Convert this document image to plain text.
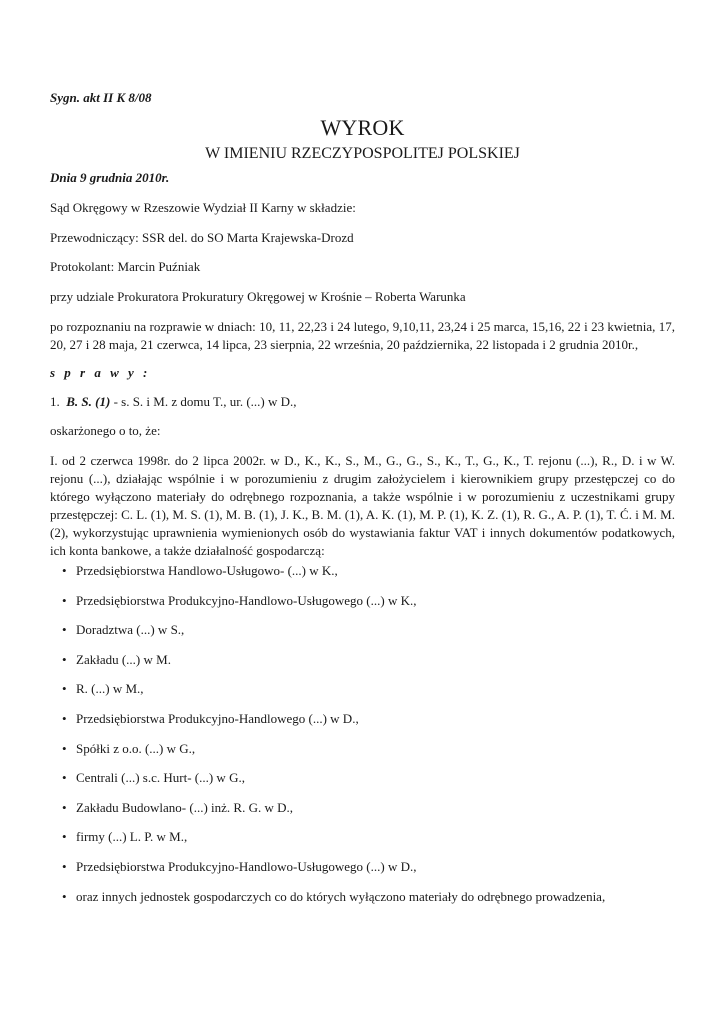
Sygn. akt II K 8/08
WYROK
W IMIENIU RZECZYPOSPOLITEJ POLSKIEJ
Dnia 9 grudnia 2010r.
Sąd Okręgowy w Rzeszowie Wydział II Karny w składzie:
Przewodniczący: SSR del. do SO Marta Krajewska-Drozd
Protokolant: Marcin Puźniak
przy udziale Prokuratora Prokuratury Okręgowej w Krośnie – Roberta Warunka
po rozpoznaniu na rozprawie w dniach: 10, 11, 22,23 i 24 lutego, 9,10,11, 23,24 i 25 marca, 15,16, 22 i 23 kwietnia, 17, 20, 27 i 28 maja, 21 czerwca, 14 lipca, 23 sierpnia, 22 września, 20 października, 22 listopada i 2 grudnia 2010r.,
s p r a w y :
1. B. S. (1) - s. S. i M. z domu T., ur. (...) w D.,
oskarżonego o to, że:
I. od 2 czerwca 1998r. do 2 lipca 2002r. w D., K., K., S., M., G., G., S., K., T., G., K., T. rejonu (...), R., D. i w W. rejonu (...), działając wspólnie i w porozumieniu z drugim założycielem i kierownikiem grupy przestępczej co do którego wyłączono materiały do odrębnego rozpoznania, a także wspólnie i w porozumieniu z uczestnikami grupy przestępczej: C. L. (1), M. S. (1), M. B. (1), J. K., B. M. (1), A. K. (1), M. P. (1), K. Z. (1), R. G., A. P. (1), T. Ć. i M. M. (2), wykorzystując uprawnienia wymienionych osób do wystawiania faktur VAT i innych dokumentów podatkowych, ich konta bankowe, a także działalność gospodarczą:
• Przedsiębiorstwa Handlowo-Usługowo- (...) w K.,
• Przedsiębiorstwa Produkcyjno-Handlowo-Usługowego (...) w K.,
• Doradztwa (...) w S.,
• Zakładu (...) w M.
• R. (...) w M.,
• Przedsiębiorstwa Produkcyjno-Handlowego (...) w D.,
• Spółki z o.o. (...) w G.,
• Centrali (...) s.c. Hurt- (...) w G.,
• Zakładu Budowlano- (...) inż. R. G. w D.,
• firmy (...) L. P. w M.,
• Przedsiębiorstwa Produkcyjno-Handlowo-Usługowego (...) w D.,
• oraz innych jednostek gospodarczych co do których wyłączono materiały do odrębnego prowadzenia,
